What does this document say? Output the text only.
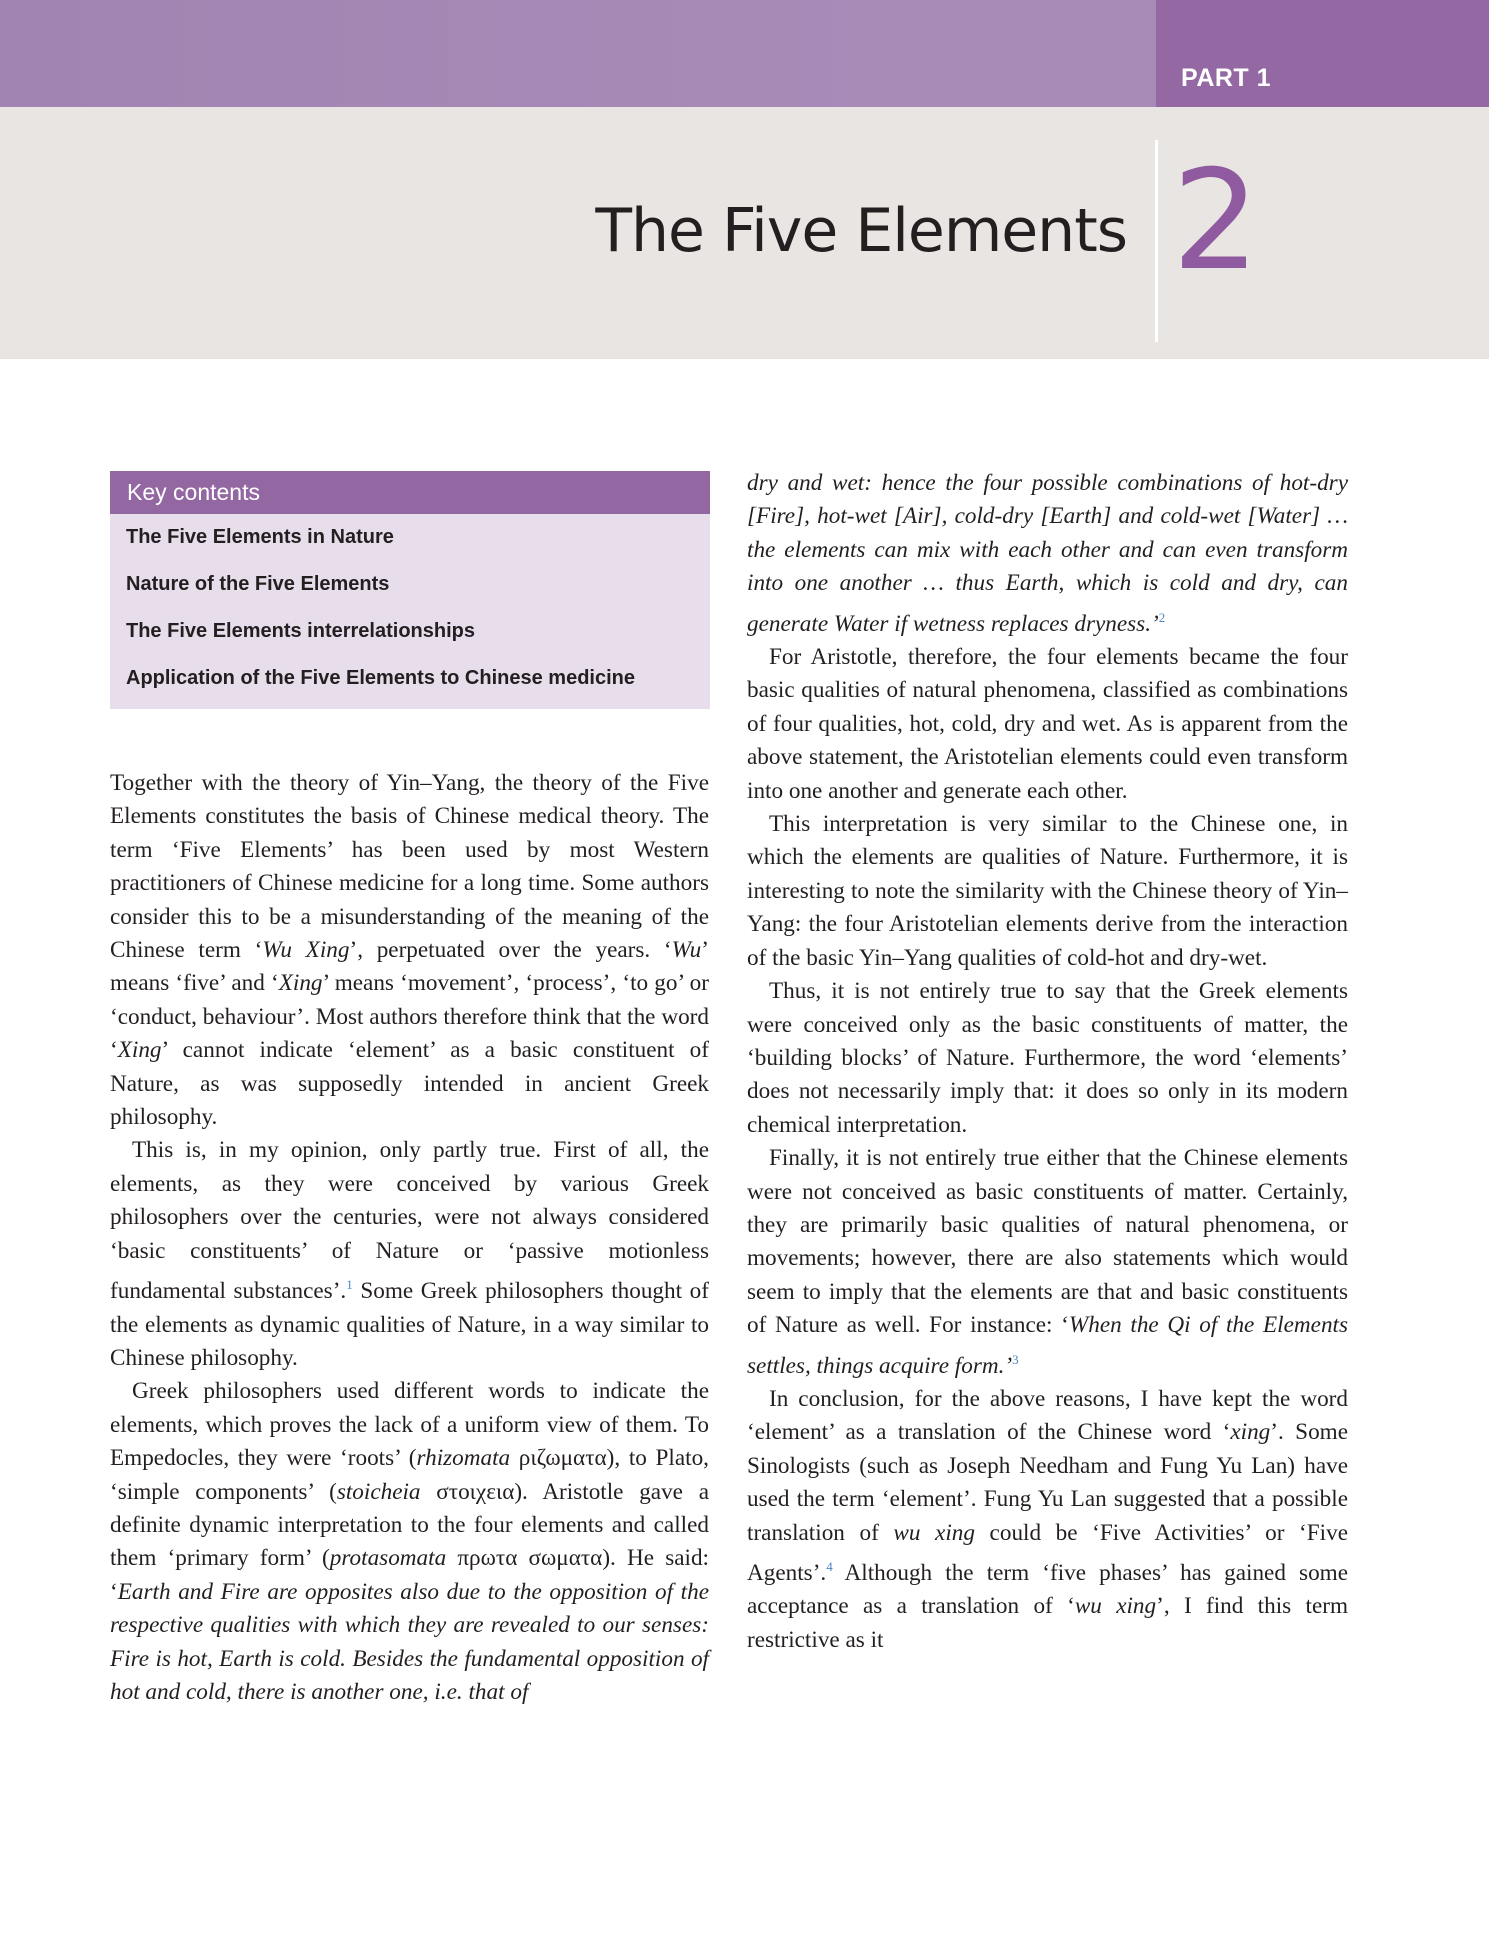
PART 1
The Five Elements 2
Key contents
The Five Elements in Nature
Nature of the Five Elements
The Five Elements interrelationships
Application of the Five Elements to Chinese medicine

Together with the theory of Yin–Yang, the theory of the Five Elements constitutes the basis of Chinese medical theory. The term ‘Five Elements’ has been used by most Western practitioners of Chinese medicine for a long time. Some authors consider this to be a misunderstanding of the meaning of the Chinese term ‘Wu Xing’, perpetuated over the years. ‘Wu’ means ‘five’ and ‘Xing’ means ‘movement’, ‘process’, ‘to go’ or ‘conduct, behaviour’. Most authors therefore think that the word ‘Xing’ cannot indicate ‘element’ as a basic constituent of Nature, as was supposedly intended in ancient Greek philosophy.

This is, in my opinion, only partly true. First of all, the elements, as they were conceived by various Greek philosophers over the centuries, were not always considered ‘basic constituents’ of Nature or ‘passive motionless fundamental substances’.$^1$ Some Greek philosophers thought of the elements as dynamic qualities of Nature, in a way similar to Chinese philosophy.

Greek philosophers used different words to indicate the elements, which proves the lack of a uniform view of them. To Empedocles, they were ‘roots’ (rhizomata ριζωματα), to Plato, ‘simple components’ (stoicheia στοιχεια). Aristotle gave a definite dynamic interpretation to the four elements and called them ‘primary form’ (protasomata πρωτα σωματα). He said: ‘Earth and Fire are opposites also due to the opposition of the respective qualities with which they are revealed to our senses: Fire is hot, Earth is cold. Besides the fundamental opposition of hot and cold, there is another one, i.e. that of

dry and wet: hence the four possible combinations of hot-dry [Fire], hot-wet [Air], cold-dry [Earth] and cold-wet [Water] … the elements can mix with each other and can even transform into one another … thus Earth, which is cold and dry, can generate Water if wetness replaces dryness.’$^2$

For Aristotle, therefore, the four elements became the four basic qualities of natural phenomena, classified as combinations of four qualities, hot, cold, dry and wet. As is apparent from the above statement, the Aristotelian elements could even transform into one another and generate each other.

This interpretation is very similar to the Chinese one, in which the elements are qualities of Nature. Furthermore, it is interesting to note the similarity with the Chinese theory of Yin–Yang: the four Aristotelian elements derive from the interaction of the basic Yin–Yang qualities of cold-hot and dry-wet.

Thus, it is not entirely true to say that the Greek elements were conceived only as the basic constituents of matter, the ‘building blocks’ of Nature. Furthermore, the word ‘elements’ does not necessarily imply that: it does so only in its modern chemical interpretation.

Finally, it is not entirely true either that the Chinese elements were not conceived as basic constituents of matter. Certainly, they are primarily basic qualities of natural phenomena, or movements; however, there are also statements which would seem to imply that the elements are that and basic constituents of Nature as well. For instance: ‘When the Qi of the Elements settles, things acquire form.’$^3$

In conclusion, for the above reasons, I have kept the word ‘element’ as a translation of the Chinese word ‘xing’. Some Sinologists (such as Joseph Needham and Fung Yu Lan) have used the term ‘element’. Fung Yu Lan suggested that a possible translation of wu xing could be ‘Five Activities’ or ‘Five Agents’.$^4$ Although the term ‘five phases’ has gained some acceptance as a translation of ‘wu xing’, I find this term restrictive as it
